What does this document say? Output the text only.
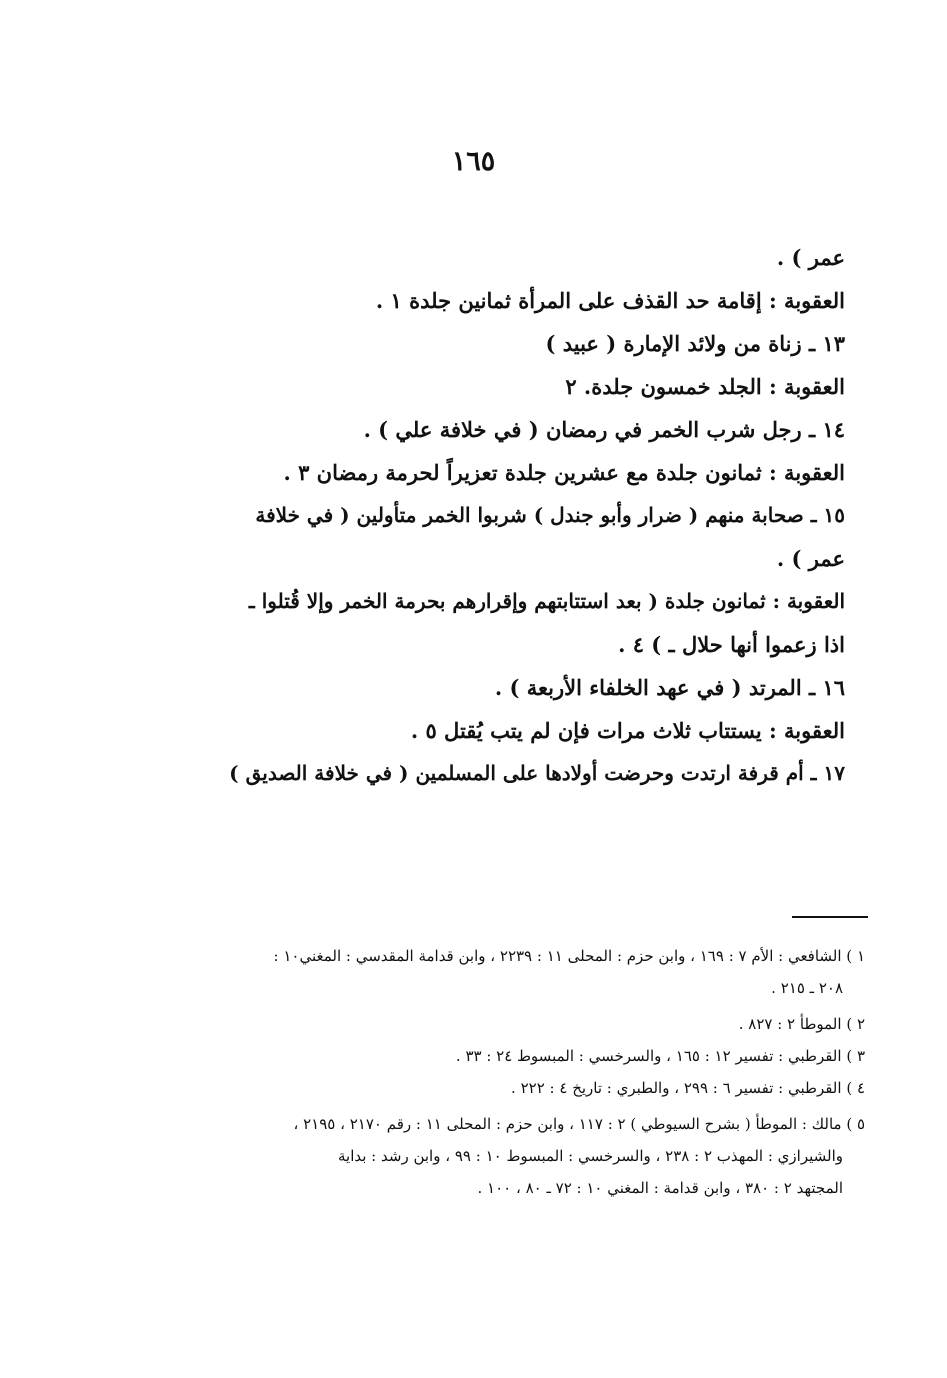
١٦٥
عمر ) .
العقوبة : إقامة حد القذف على المرأة ثمانين جلدة ١ .
١٣ ـ زناة من ولائد الإمارة ( عبيد )
العقوبة : الجلد خمسون جلدة. ٢
١٤ ـ رجل شرب الخمر في رمضان ( في خلافة علي ) .
العقوبة : ثمانون جلدة مع عشرين جلدة تعزيراً لحرمة رمضان ٣ .
١٥ ـ صحابة منهم ( ضرار وأبو جندل ) شربوا الخمر متأولين ( في خلافة
عمر ) .
العقوبة : ثمانون جلدة ( بعد استتابتهم وإقرارهم بحرمة الخمر وإلا قُتلوا ـ
اذا زعموا أنها حلال ـ ) ٤ .
١٦ ـ المرتد ( في عهد الخلفاء الأربعة ) .
العقوبة : يستتاب ثلاث مرات فإن لم يتب يُقتل ٥ .
١٧ ـ أم قرفة ارتدت وحرضت أولادها على المسلمين ( في خلافة الصديق )
١ ) الشافعي : الأم ٧ : ١٦٩ ، وابن حزم : المحلى ١١ : ٢٢٣٩ ، وابن قدامة المقدسي : المغني١٠ :
٢٠٨ ـ ٢١٥ .
٢ ) الموطأ ٢ : ٨٢٧ .
٣ ) القرطبي : تفسير ١٢ : ١٦٥ ، والسرخسي : المبسوط ٢٤ : ٣٣ .
٤ ) القرطبي : تفسير ٦ : ٢٩٩ ، والطبري : تاريخ ٤ : ٢٢٢ .
٥ ) مالك : الموطأ ( بشرح السيوطي ) ٢ : ١١٧ ، وابن حزم : المحلى ١١ : رقم ٢١٧٠ ، ٢١٩٥ ،
والشيرازي : المهذب ٢ : ٢٣٨ ، والسرخسي : المبسوط ١٠ : ٩٩ ، وابن رشد : بداية
المجتهد ٢ : ٣٨٠ ، وابن قدامة : المغني ١٠ : ٧٢ ـ ٨٠ ، ١٠٠ .
